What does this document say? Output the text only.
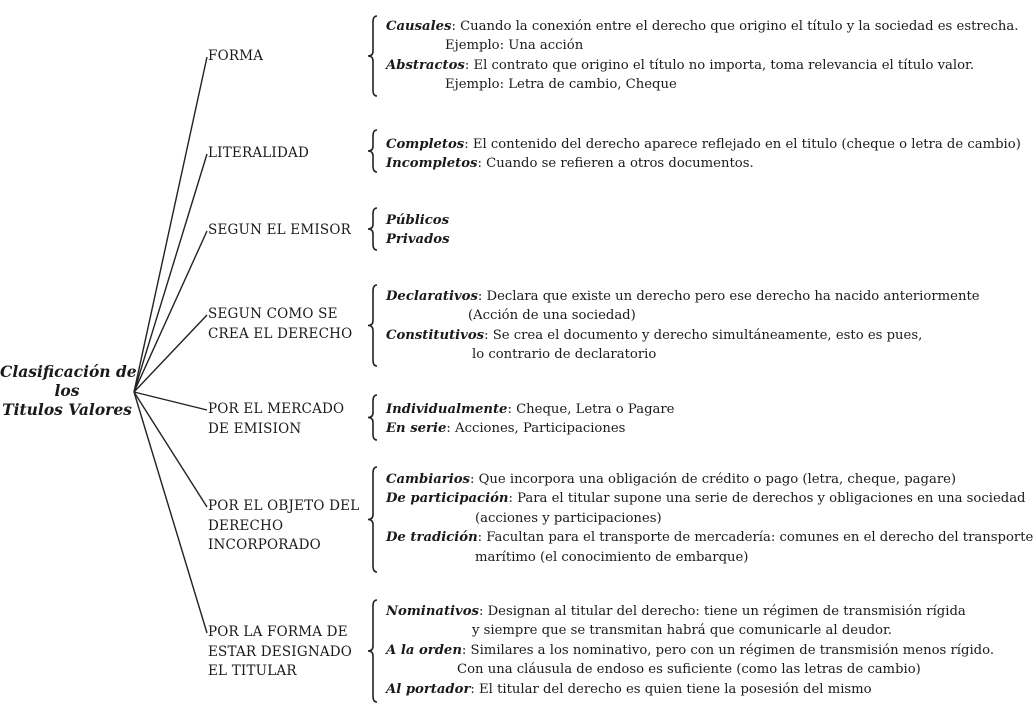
Clasificación de
los
Titulos Valores
FORMA
Causales: Cuando la conexión entre el derecho que origino el título y la sociedad es estrecha.
Ejemplo: Una acción
Abstractos: El contrato que origino el título no importa, toma relevancia el título valor.
Ejemplo: Letra de cambio, Cheque
LITERALIDAD
Completos: El contenido del derecho aparece reflejado en el titulo (cheque o letra de cambio)
Incompletos: Cuando se refieren a otros documentos.
SEGUN EL EMISOR
Públicos
Privados
SEGUN COMO SE
CREA EL DERECHO
Declarativos: Declara que existe un derecho pero ese derecho ha nacido anteriormente
(Acción de una sociedad)
Constitutivos: Se crea el documento y derecho simultáneamente, esto es pues,
lo contrario de declaratorio
POR EL MERCADO
DE EMISION
Individualmente: Cheque, Letra o Pagare
En serie: Acciones, Participaciones
POR EL OBJETO DEL
DERECHO
INCORPORADO
Cambiarios: Que incorpora una obligación de crédito o pago (letra, cheque, pagare)
De participación: Para el titular supone una serie de derechos y obligaciones en una sociedad
(acciones y participaciones)
De tradición: Facultan para el transporte de mercadería: comunes en el derecho del transporte
marítimo (el conocimiento de embarque)
POR LA FORMA DE
ESTAR DESIGNADO
EL TITULAR
Nominativos: Designan al titular del derecho: tiene un régimen de transmisión rígida
y siempre que se transmitan habrá que comunicarle al deudor.
A la orden: Similares a los nominativo, pero con un régimen de transmisión menos rígido.
Con una cláusula de endoso es suficiente (como las letras de cambio)
Al portador: El titular del derecho es quien tiene la posesión del mismo
